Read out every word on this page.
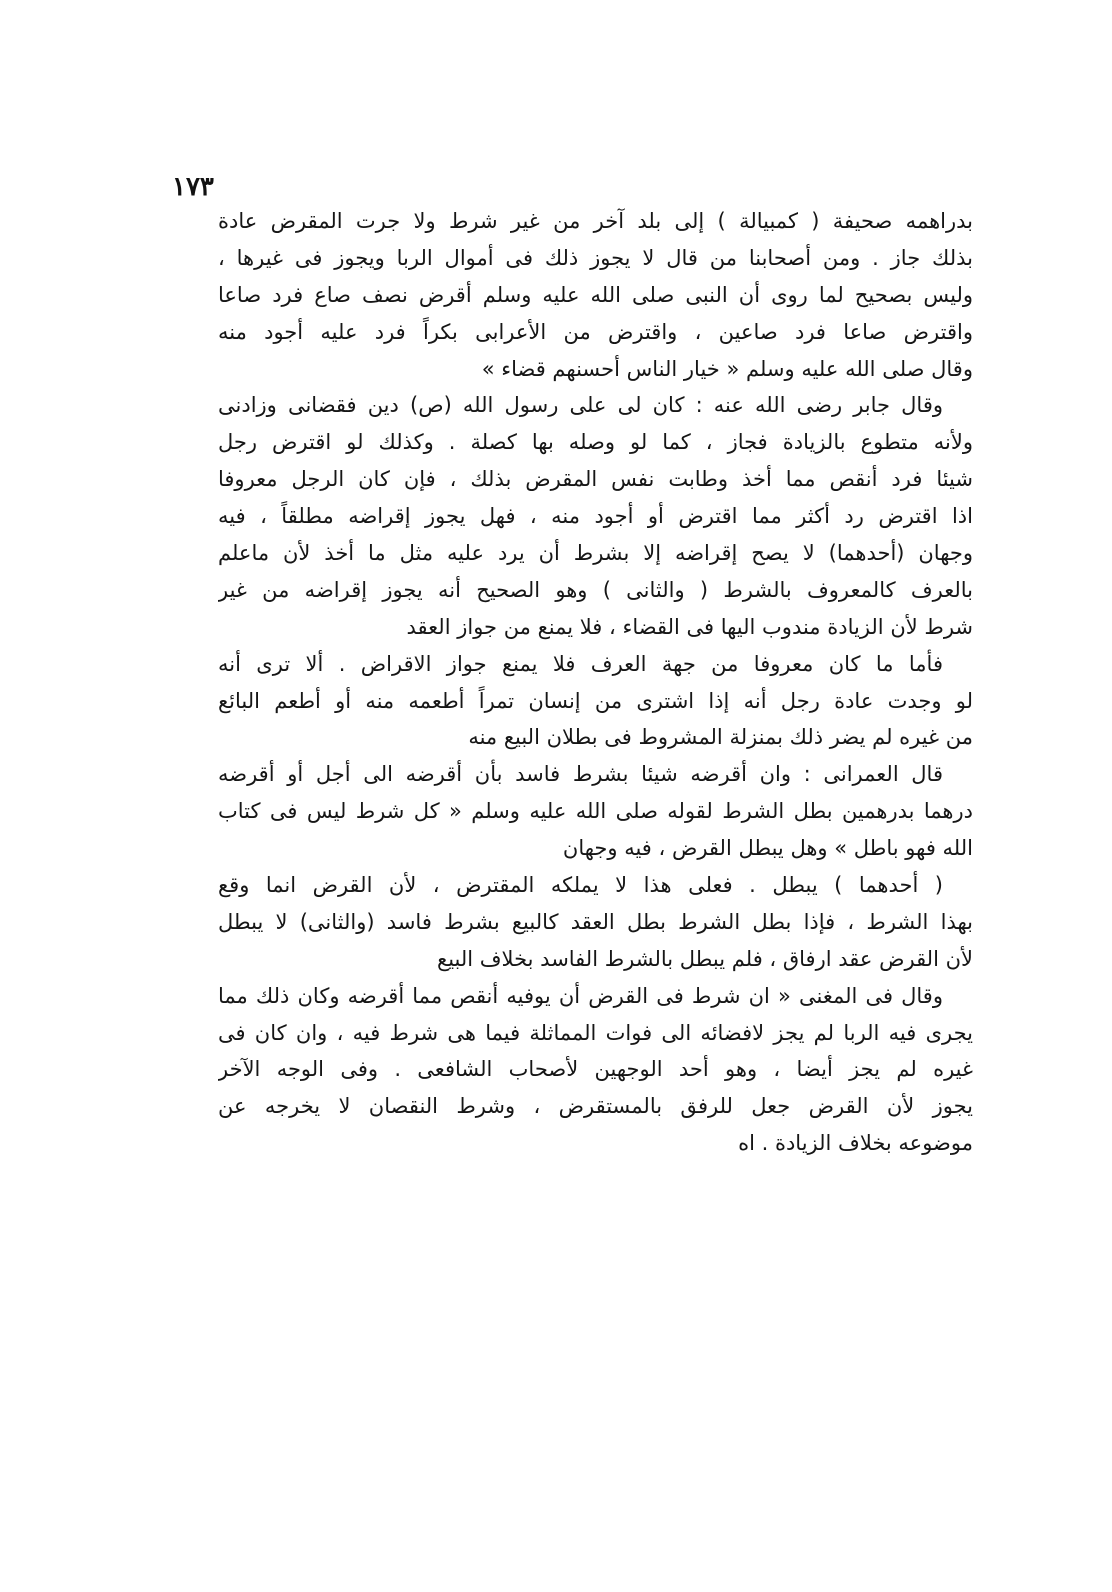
١٧٣
بدراهمه صحيفة ( كمبيالة ) إلى بلد آخر من غير شرط ولا جرت المقرض عادة
بذلك جاز . ومن أصحابنا من قال لا يجوز ذلك فى أموال الربا ويجوز فى غيرها ،
وليس بصحيح لما روى أن النبى صلى الله عليه وسلم أقرض نصف صاع فرد صاعا
واقترض صاعا فرد صاعين ، واقترض من الأعرابى بكراً فرد عليه أجود منه
وقال صلى الله عليه وسلم « خيار الناس أحسنهم قضاء »
وقال جابر رضى الله عنه : كان لى على رسول الله (ص) دين فقضانى وزادنى
ولأنه متطوع بالزيادة فجاز ، كما لو وصله بها كصلة . وكذلك لو اقترض رجل
شيئا فرد أنقص مما أخذ وطابت نفس المقرض بذلك ، فإن كان الرجل معروفا
اذا اقترض رد أكثر مما اقترض أو أجود منه ، فهل يجوز إقراضه مطلقاً ، فيه
وجهان (أحدهما) لا يصح إقراضه إلا بشرط أن يرد عليه مثل ما أخذ لأن ماعلم
بالعرف كالمعروف بالشرط ( والثانى ) وهو الصحيح أنه يجوز إقراضه من غير
شرط لأن الزيادة مندوب اليها فى القضاء ، فلا يمنع من جواز العقد
فأما ما كان معروفا من جهة العرف فلا يمنع جواز الاقراض . ألا ترى أنه
لو وجدت عادة رجل أنه إذا اشترى من إنسان تمراً أطعمه منه أو أطعم البائع
من غيره لم يضر ذلك بمنزلة المشروط فى بطلان البيع منه
قال العمرانى : وان أقرضه شيئا بشرط فاسد بأن أقرضه الى أجل أو أقرضه
درهما بدرهمين بطل الشرط لقوله صلى الله عليه وسلم « كل شرط ليس فى كتاب
الله فهو باطل » وهل يبطل القرض ، فيه وجهان
( أحدهما ) يبطل . فعلى هذا لا يملكه المقترض ، لأن القرض انما وقع
بهذا الشرط ، فإذا بطل الشرط بطل العقد كالبيع بشرط فاسد (والثانى) لا يبطل
لأن القرض عقد ارفاق ، فلم يبطل بالشرط الفاسد بخلاف البيع
وقال فى المغنى « ان شرط فى القرض أن يوفيه أنقص مما أقرضه وكان ذلك مما
يجرى فيه الربا لم يجز لافضائه الى فوات المماثلة فيما هى شرط فيه ، وان كان فى
غيره لم يجز أيضا ، وهو أحد الوجهين لأصحاب الشافعى . وفى الوجه الآخر
يجوز لأن القرض جعل للرفق بالمستقرض ، وشرط النقصان لا يخرجه عن
موضوعه بخلاف الزيادة . اه
